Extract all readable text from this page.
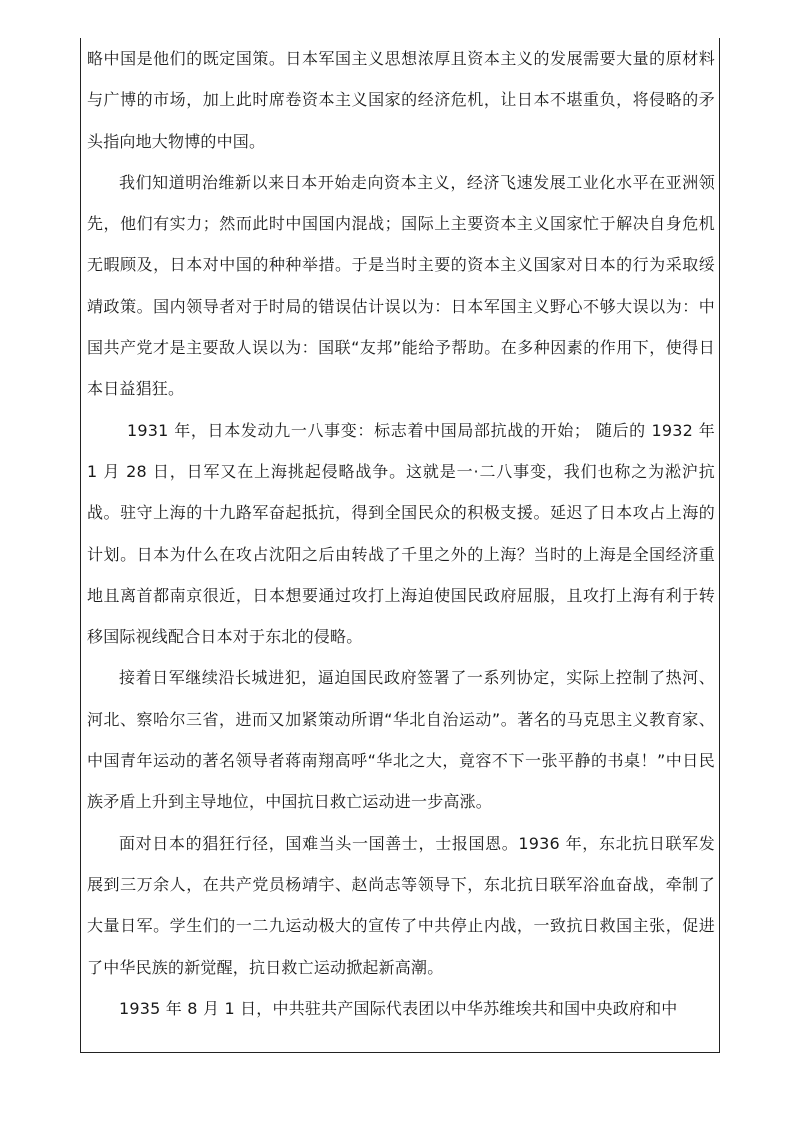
略中国是他们的既定国策。日本军国主义思想浓厚且资本主义的发展需要大量的原材料与广博的市场，加上此时席卷资本主义国家的经济危机，让日本不堪重负，将侵略的矛头指向地大物博的中国。

我们知道明治维新以来日本开始走向资本主义，经济飞速发展工业化水平在亚洲领先，他们有实力；然而此时中国国内混战；国际上主要资本主义国家忙于解决自身危机无暇顾及，日本对中国的种种举措。于是当时主要的资本主义国家对日本的行为采取绥靖政策。国内领导者对于时局的错误估计误以为：日本军国主义野心不够大误以为：中国共产党才是主要敌人误以为：国联“友邦”能给予帮助。在多种因素的作用下，使得日本日益猖狂。

1931 年，日本发动九一八事变：标志着中国局部抗战的开始； 随后的 1932 年 1 月 28 日，日军又在上海挑起侵略战争。这就是一·二八事变，我们也称之为淞沪抗战。驻守上海的十九路军奋起抵抗，得到全国民众的积极支援。延迟了日本攻占上海的计划。日本为什么在攻占沈阳之后由转战了千里之外的上海？当时的上海是全国经济重地且离首都南京很近，日本想要通过攻打上海迫使国民政府屈服，且攻打上海有利于转移国际视线配合日本对于东北的侵略。

接着日军继续沿长城进犯，逼迫国民政府签署了一系列协定，实际上控制了热河、河北、察哈尔三省，进而又加紧策动所谓“华北自治运动”。著名的马克思主义教育家、中国青年运动的著名领导者蒋南翔高呼“华北之大，竟容不下一张平静的书桌！”中日民族矛盾上升到主导地位，中国抗日救亡运动进一步高涨。

面对日本的猖狂行径，国难当头一国善士，士报国恩。1936 年，东北抗日联军发展到三万余人，在共产党员杨靖宇、赵尚志等领导下，东北抗日联军浴血奋战，牵制了大量日军。学生们的一二九运动极大的宣传了中共停止内战，一致抗日救国主张，促进了中华民族的新觉醒，抗日救亡运动掀起新高潮。

1935 年 8 月 1 日，中共驻共产国际代表团以中华苏维埃共和国中央政府和中
